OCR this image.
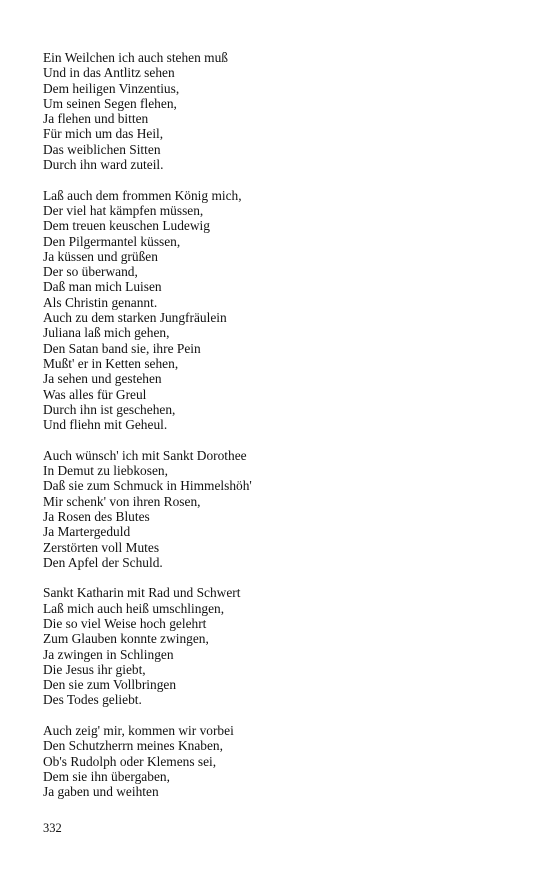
Ein Weilchen ich auch stehen muß
Und in das Antlitz sehen
Dem heiligen Vinzentius,
Um seinen Segen flehen,
Ja flehen und bitten
Für mich um das Heil,
Das weiblichen Sitten
Durch ihn ward zuteil.
Laß auch dem frommen König mich,
Der viel hat kämpfen müssen,
Dem treuen keuschen Ludewig
Den Pilgermantel küssen,
Ja küssen und grüßen
Der so überwand,
Daß man mich Luisen
Als Christin genannt.
Auch zu dem starken Jungfräulein
Juliana laß mich gehen,
Den Satan band sie, ihre Pein
Mußt' er in Ketten sehen,
Ja sehen und gestehen
Was alles für Greul
Durch ihn ist geschehen,
Und fliehn mit Geheul.
Auch wünsch' ich mit Sankt Dorothee
In Demut zu liebkosen,
Daß sie zum Schmuck in Himmelshöh'
Mir schenk' von ihren Rosen,
Ja Rosen des Blutes
Ja Martergeduld
Zerstörten voll Mutes
Den Apfel der Schuld.
Sankt Katharin mit Rad und Schwert
Laß mich auch heiß umschlingen,
Die so viel Weise hoch gelehrt
Zum Glauben konnte zwingen,
Ja zwingen in Schlingen
Die Jesus ihr giebt,
Den sie zum Vollbringen
Des Todes geliebt.
Auch zeig' mir, kommen wir vorbei
Den Schutzherrn meines Knaben,
Ob's Rudolph oder Klemens sei,
Dem sie ihn übergaben,
Ja gaben und weihten
332
